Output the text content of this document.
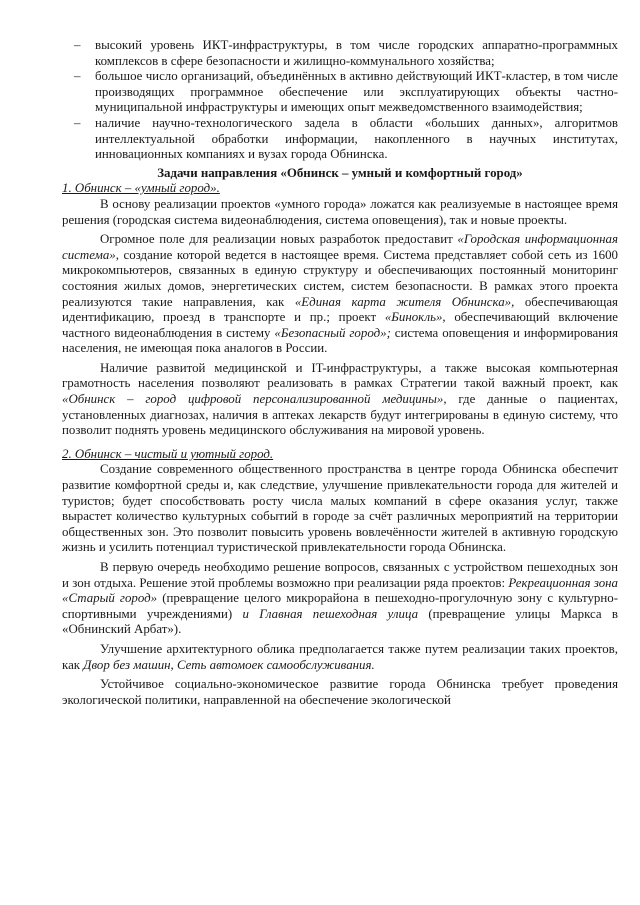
– высокий уровень ИКТ-инфраструктуры, в том числе городских аппаратно-программных комплексов в сфере безопасности и жилищно-коммунального хозяйства;
– большое число организаций, объединённых в активно действующий ИКТ-кластер, в том числе производящих программное обеспечение или эксплуатирующих объекты частно-муниципальной инфраструктуры и имеющих опыт межведомственного взаимодействия;
– наличие научно-технологического задела в области «больших данных», алгоритмов интеллектуальной обработки информации, накопленного в научных институтах, инновационных компаниях и вузах города Обнинска.
Задачи направления «Обнинск – умный и комфортный город»
1. Обнинск – «умный город».

В основу реализации проектов «умного города» ложатся как реализуемые в настоящее время решения (городская система видеонаблюдения, система оповещения), так и новые проекты.

Огромное поле для реализации новых разработок предоставит «Городская информационная система», создание которой ведется в настоящее время. Система представляет собой сеть из 1600 микрокомпьютеров, связанных в единую структуру и обеспечивающих постоянный мониторинг состояния жилых домов, энергетических систем, систем безопасности. В рамках этого проекта реализуются такие направления, как «Единая карта жителя Обнинска», обеспечивающая идентификацию, проезд в транспорте и пр.; проект «Бинокль», обеспечивающий включение частного видеонаблюдения в систему «Безопасный город»; система оповещения и информирования населения, не имеющая пока аналогов в России.

Наличие развитой медицинской и IT-инфраструктуры, а также высокая компьютерная грамотность населения позволяют реализовать в рамках Стратегии такой важный проект, как «Обнинск – город цифровой персонализированной медицины», где данные о пациентах, установленных диагнозах, наличия в аптеках лекарств будут интегрированы в единую систему, что позволит поднять уровень медицинского обслуживания на мировой уровень.

2. Обнинск – чистый и уютный город.

Создание современного общественного пространства в центре города Обнинска обеспечит развитие комфортной среды и, как следствие, улучшение привлекательности города для жителей и туристов; будет способствовать росту числа малых компаний в сфере оказания услуг, также вырастет количество культурных событий в городе за счёт различных мероприятий на территории общественных зон. Это позволит повысить уровень вовлечённости жителей в активную городскую жизнь и усилить потенциал туристической привлекательности города Обнинска.

В первую очередь необходимо решение вопросов, связанных с устройством пешеходных зон и зон отдыха. Решение этой проблемы возможно при реализации ряда проектов: Рекреационная зона «Старый город» (превращение целого микрорайона в пешеходно-прогулочную зону с культурно-спортивными учреждениями) и Главная пешеходная улица (превращение улицы Маркса в «Обнинский Арбат»).

Улучшение архитектурного облика предполагается также путем реализации таких проектов, как Двор без машин, Сеть автомоек самообслуживания.

Устойчивое социально-экономическое развитие города Обнинска требует проведения экологической политики, направленной на обеспечение экологической
